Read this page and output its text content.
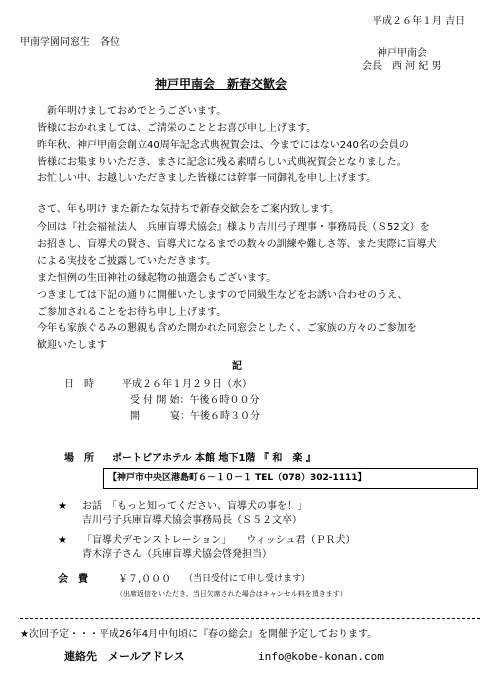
甲南学園同窓生　各位
平成２６年１月 吉日
神戸甲南会
会長　西 河 紀 男
神戸甲南会　新春交歓会
　新年明けましておめでとうございます。
皆様におかれましては、ご清栄のこととお喜び申し上げます。
昨年秋、神戸甲南会創立40周年記念式典祝賀会は、今までにはない240名の会員の
皆様にお集まりいただき、まさに記念に残る素晴らしい式典祝賀会となりました。
お忙しい中、お越しいただきました皆様には幹事一同御礼を申し上げます。
さて、年も明け また新たな気持ちで新春交歓会をご案内致します。
今回は『社会福祉法人　兵庫盲導犬協会』様より吉川弓子理事・事務局長（Ｓ52文）を
お招きし、盲導犬の賢さ、盲導犬になるまでの数々の訓練や難しさ等、また実際に盲導犬
による実技をご披露していただきます。
また恒例の生田神社の縁起物の抽選会もございます。
つきましては下記の通りに開催いたしますので同級生などをお誘い合わせのうえ、
ご参加されることをお待ち申し上げます。
今年も家族ぐるみの懇親も含めた開かれた同窓会としたく、ご家族の方々のご参加を
歓迎いたします
記
日　時	平成２６年１月２９日（水）
受 付 開 始：午後６時００分
開　　　宴：午後６時３０分
場　所 ポートピアホテル 本館 地下1階 『 和　楽 』
【神戸市中央区港島町６－１０－１ TEL（078）302-1111】
★ お話　「もっと知ってください、盲導犬の事を！」
吉川弓子兵庫盲導犬協会事務局長（Ｓ５２文卒）
★ 「盲導犬デモンストレーション」　　ウィッシュ君（ＰＲ犬）
青木淳子さん（兵庫盲導犬協会啓発担当）
会　費	￥７,０００ （当日受付にて申し受けます）
（出席返信をいただき、当日欠席された場合はキャンセル料を頂きます）
★次回予定・・・平成26年4月中旬頃に『春の総会』を開催予定しております。
連絡先　メールアドレス	info@kobe-konan.com
